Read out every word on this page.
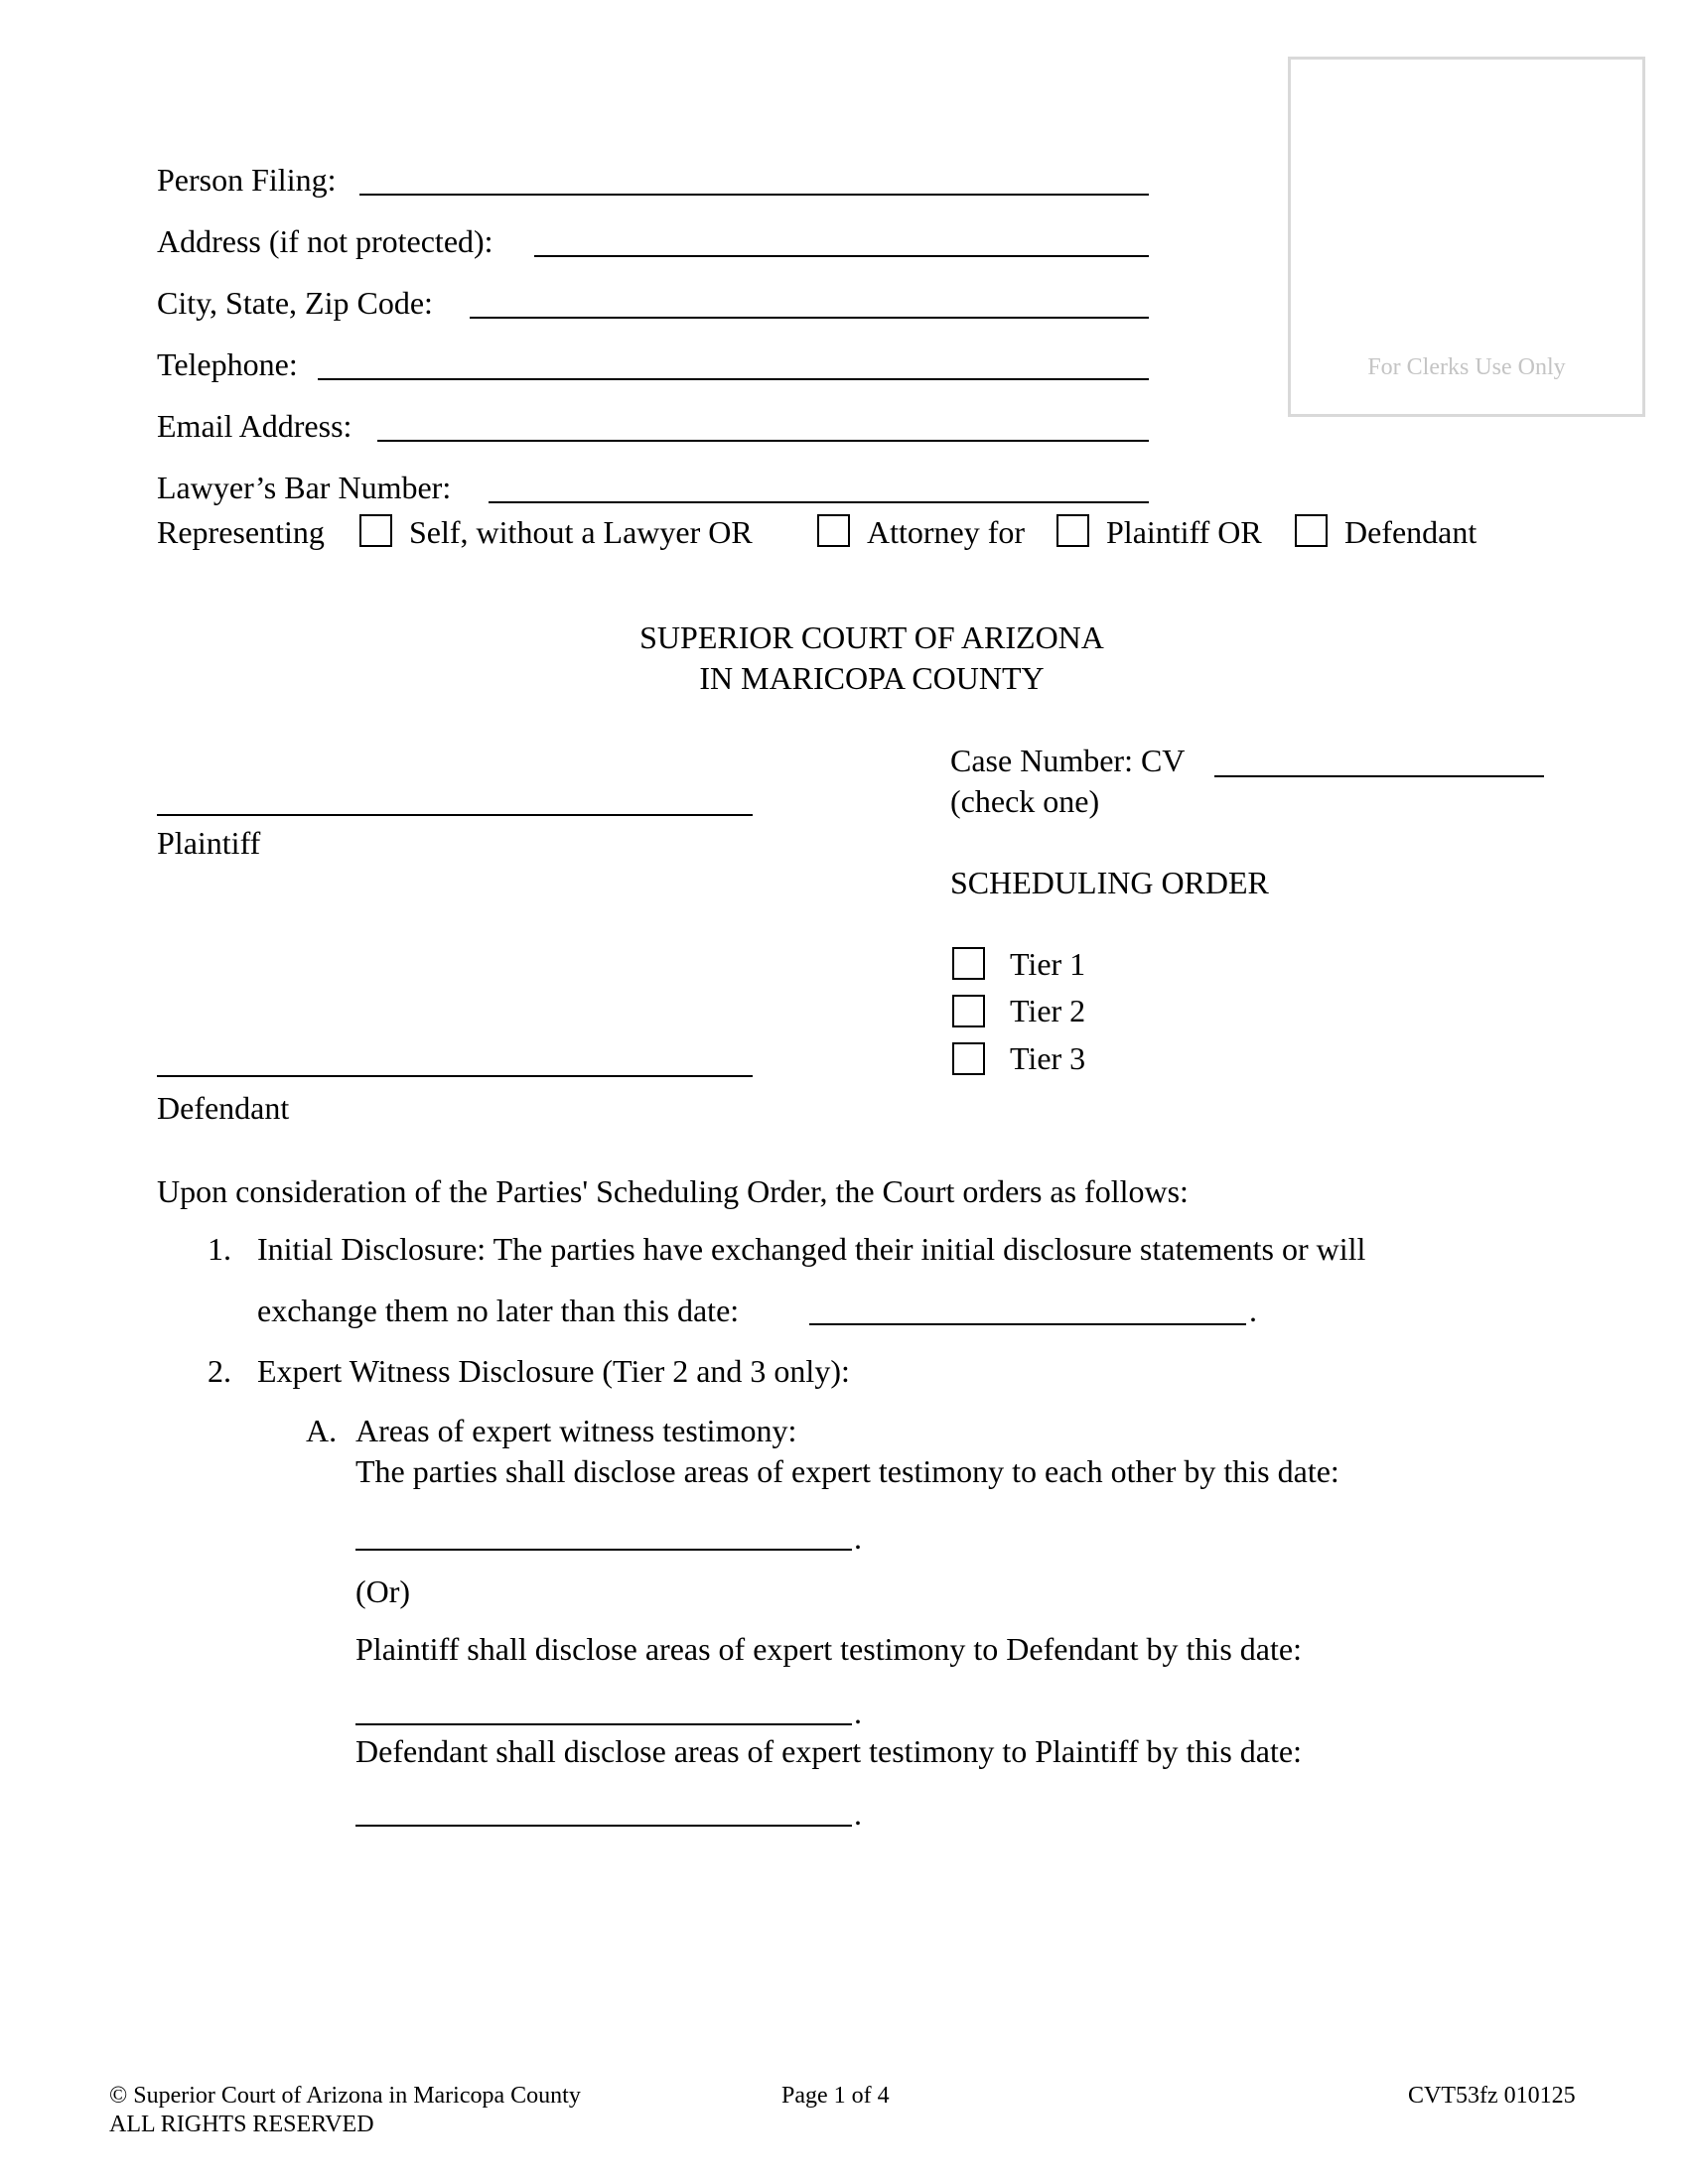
For Clerks Use Only
Person Filing:
Address (if not protected):
City, State, Zip Code:
Telephone:
Email Address:
Lawyer’s Bar Number:
Representing	Self, without a Lawyer OR	Attorney for	Plaintiff OR	Defendant
SUPERIOR COURT OF ARIZONA
IN MARICOPA COUNTY
Plaintiff
Defendant
Case Number: CV
(check one)
SCHEDULING ORDER
Tier 1
Tier 2
Tier 3
Upon consideration of the Parties' Scheduling Order, the Court orders as follows:
1. Initial Disclosure: The parties have exchanged their initial disclosure statements or will
exchange them no later than this date:	.
2. Expert Witness Disclosure (Tier 2 and 3 only):
A. Areas of expert witness testimony:
The parties shall disclose areas of expert testimony to each other by this date:
.
(Or)
Plaintiff shall disclose areas of expert testimony to Defendant by this date:
.
Defendant shall disclose areas of expert testimony to Plaintiff by this date:
.
© Superior Court of Arizona in Maricopa County
ALL RIGHTS RESERVED
Page 1 of 4	CVT53fz 010125
